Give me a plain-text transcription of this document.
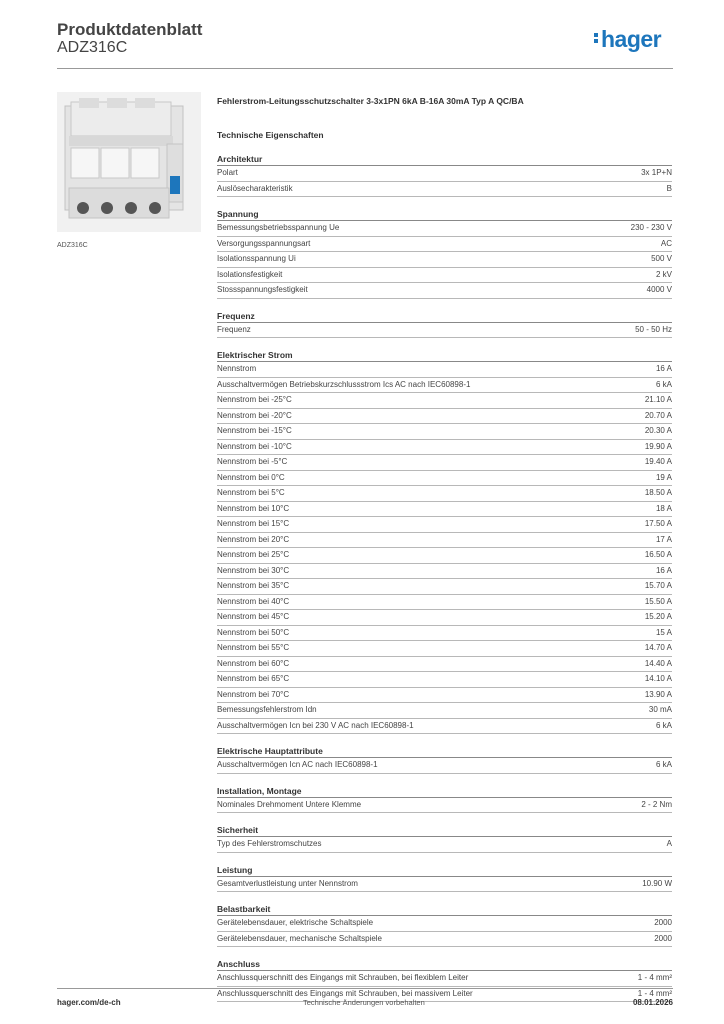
Produktdatenblatt
ADZ316C	hager
ADZ316C
Fehlerstrom-Leitungsschutzschalter 3-3x1PN 6kA B-16A 30mA Typ A QC/BA
Technische Eigenschaften
Architektur
Polart	3x 1P+N
Auslösecharakteristik	B
Spannung
Bemessungsbetriebsspannung Ue	230 - 230 V
Versorgungsspannungsart	AC
Isolationsspannung Ui	500 V
Isolationsfestigkeit	2 kV
Stossspannungsfestigkeit	4000 V
Frequenz
Frequenz	50 - 50 Hz
Elektrischer Strom
Nennstrom	16 A
Ausschaltvermögen Betriebskurzschlussstrom Ics AC nach IEC60898-1	6 kA
Nennstrom bei -25°C	21.10 A
Nennstrom bei -20°C	20.70 A
Nennstrom bei -15°C	20.30 A
Nennstrom bei -10°C	19.90 A
Nennstrom bei -5°C	19.40 A
Nennstrom bei 0°C	19 A
Nennstrom bei 5°C	18.50 A
Nennstrom bei 10°C	18 A
Nennstrom bei 15°C	17.50 A
Nennstrom bei 20°C	17 A
Nennstrom bei 25°C	16.50 A
Nennstrom bei 30°C	16 A
Nennstrom bei 35°C	15.70 A
Nennstrom bei 40°C	15.50 A
Nennstrom bei 45°C	15.20 A
Nennstrom bei 50°C	15 A
Nennstrom bei 55°C	14.70 A
Nennstrom bei 60°C	14.40 A
Nennstrom bei 65°C	14.10 A
Nennstrom bei 70°C	13.90 A
Bemessungsfehlerstrom Idn	30 mA
Ausschaltvermögen Icn bei 230 V AC nach IEC60898-1	6 kA
Elektrische Hauptattribute
Ausschaltvermögen Icn AC nach IEC60898-1	6 kA
Installation, Montage
Nominales Drehmoment Untere Klemme	2 - 2 Nm
Sicherheit
Typ des Fehlerstromschutzes	A
Leistung
Gesamtverlustleistung unter Nennstrom	10.90 W
Belastbarkeit
Gerätelebensdauer, elektrische Schaltspiele	2000
Gerätelebensdauer, mechanische Schaltspiele	2000
Anschluss
Anschlussquerschnitt des Eingangs mit Schrauben, bei flexiblem Leiter	1 - 4 mm²
Anschlussquerschnitt des Eingangs mit Schrauben, bei massivem Leiter	1 - 4 mm²
hager.com/de-ch	Technische Änderungen vorbehalten	08.01.2026
